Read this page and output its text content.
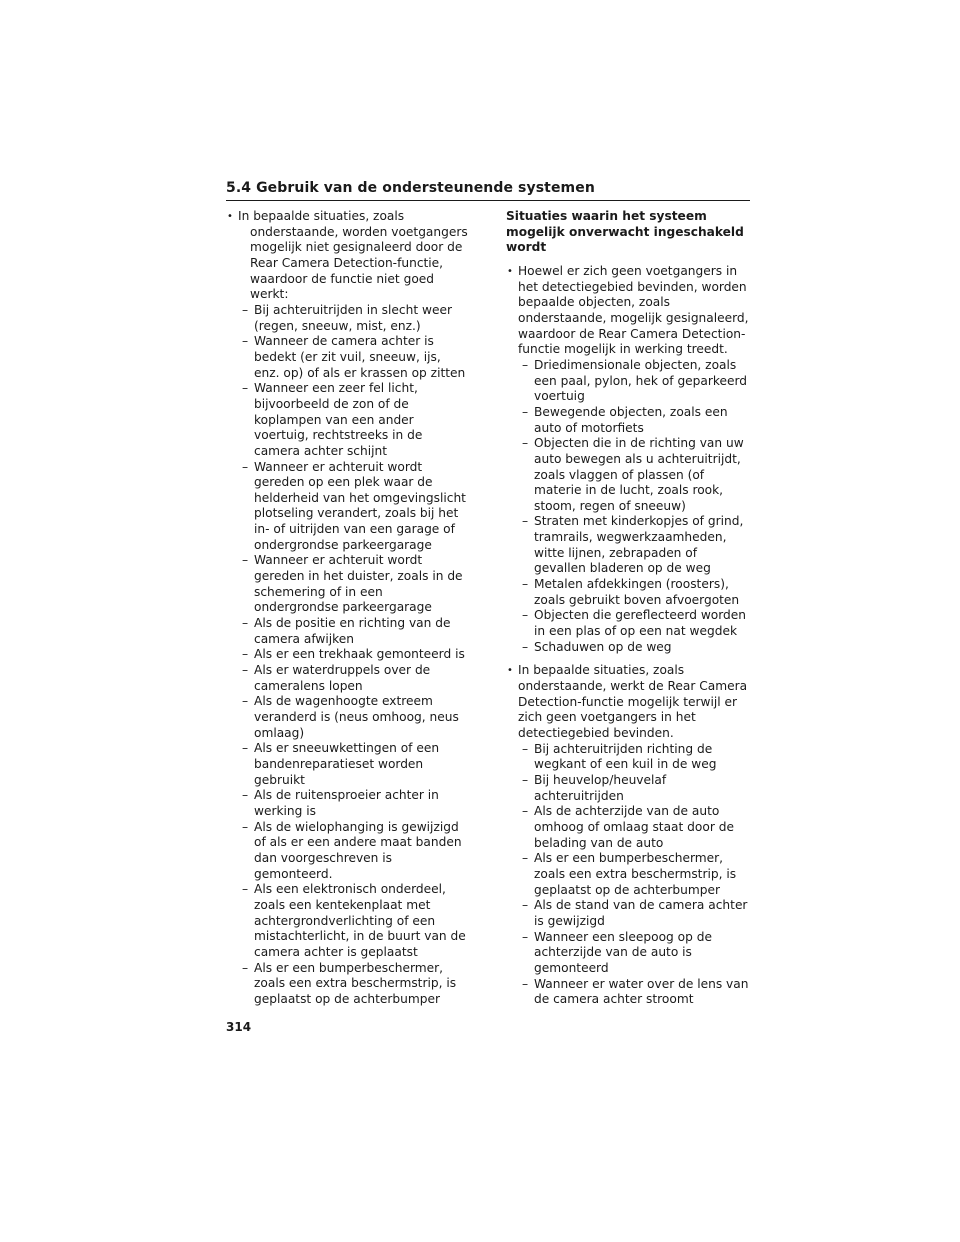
5.4 Gebruik van de ondersteunende systemen
• In bepaalde situaties, zoals onderstaande, worden voetgangers mogelijk niet gesignaleerd door de Rear Camera Detection-functie, waardoor de functie niet goed werkt:
– Bij achteruitrijden in slecht weer (regen, sneeuw, mist, enz.)
– Wanneer de camera achter is bedekt (er zit vuil, sneeuw, ijs, enz. op) of als er krassen op zitten
– Wanneer een zeer fel licht, bijvoorbeeld de zon of de koplampen van een ander voertuig, rechtstreeks in de camera achter schijnt
– Wanneer er achteruit wordt gereden op een plek waar de helderheid van het omgevingslicht plotseling verandert, zoals bij het in- of uitrijden van een garage of ondergrondse parkeergarage
– Wanneer er achteruit wordt gereden in het duister, zoals in de schemering of in een ondergrondse parkeergarage
– Als de positie en richting van de camera afwijken
– Als er een trekhaak gemonteerd is
– Als er waterdruppels over de cameralens lopen
– Als de wagenhoogte extreem veranderd is (neus omhoog, neus omlaag)
– Als er sneeuwkettingen of een bandenreparatieset worden gebruikt
– Als de ruitensproeier achter in werking is
– Als de wielophanging is gewijzigd of als er een andere maat banden dan voorgeschreven is gemonteerd.
– Als een elektronisch onderdeel, zoals een kentekenplaat met achtergrondverlichting of een mistachterlicht, in de buurt van de camera achter is geplaatst
– Als er een bumperbeschermer, zoals een extra beschermstrip, is geplaatst op de achterbumper
Situaties waarin het systeem mogelijk onverwacht ingeschakeld wordt
• Hoewel er zich geen voetgangers in het detectiegebied bevinden, worden bepaalde objecten, zoals onderstaande, mogelijk gesignaleerd, waardoor de Rear Camera Detection-functie mogelijk in werking treedt.
– Driedimensionale objecten, zoals een paal, pylon, hek of geparkeerd voertuig
– Bewegende objecten, zoals een auto of motorfiets
– Objecten die in de richting van uw auto bewegen als u achteruitrijdt, zoals vlaggen of plassen (of materie in de lucht, zoals rook, stoom, regen of sneeuw)
– Straten met kinderkopjes of grind, tramrails, wegwerkzaamheden, witte lijnen, zebrapaden of gevallen bladeren op de weg
– Metalen afdekkingen (roosters), zoals gebruikt boven afvoergoten
– Objecten die gereflecteerd worden in een plas of op een nat wegdek
– Schaduwen op de weg
• In bepaalde situaties, zoals onderstaande, werkt de Rear Camera Detection-functie mogelijk terwijl er zich geen voetgangers in het detectiegebied bevinden.
– Bij achteruitrijden richting de wegkant of een kuil in de weg
– Bij heuvelop/heuvelaf achteruitrijden
– Als de achterzijde van de auto omhoog of omlaag staat door de belading van de auto
– Als er een bumperbeschermer, zoals een extra beschermstrip, is geplaatst op de achterbumper
– Als de stand van de camera achter is gewijzigd
– Wanneer een sleepoog op de achterzijde van de auto is gemonteerd
– Wanneer er water over de lens van de camera achter stroomt
314
